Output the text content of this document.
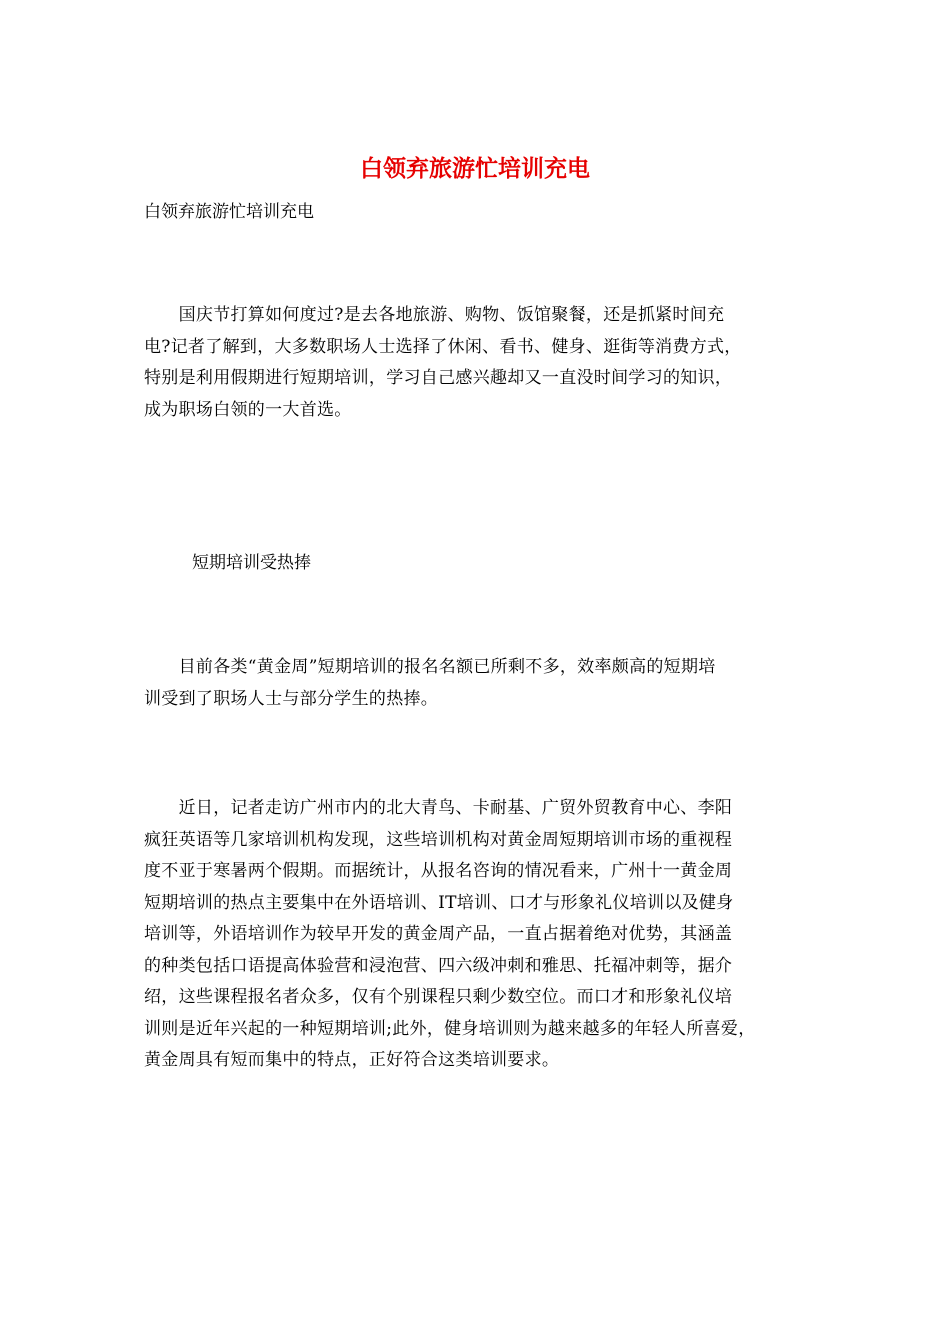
白领弃旅游忙培训充电

白领弃旅游忙培训充电

　　国庆节打算如何度过?是去各地旅游、购物、饭馆聚餐，还是抓紧时间充
电?记者了解到，大多数职场人士选择了休闲、看书、健身、逛街等消费方式，
特别是利用假期进行短期培训，学习自己感兴趣却又一直没时间学习的知识，
成为职场白领的一大首选。

短期培训受热捧

　　目前各类“黄金周”短期培训的报名名额已所剩不多，效率颇高的短期培
训受到了职场人士与部分学生的热捧。
　　近日，记者走访广州市内的北大青鸟、卡耐基、广贸外贸教育中心、李阳
疯狂英语等几家培训机构发现，这些培训机构对黄金周短期培训市场的重视程
度不亚于寒暑两个假期。而据统计，从报名咨询的情况看来，广州十一黄金周
短期培训的热点主要集中在外语培训、IT培训、口才与形象礼仪培训以及健身
培训等，外语培训作为较早开发的黄金周产品，一直占据着绝对优势，其涵盖
的种类包括口语提高体验营和浸泡营、四六级冲刺和雅思、托福冲刺等，据介
绍，这些课程报名者众多，仅有个别课程只剩少数空位。而口才和形象礼仪培
训则是近年兴起的一种短期培训;此外，健身培训则为越来越多的年轻人所喜爱，
黄金周具有短而集中的特点，正好符合这类培训要求。
